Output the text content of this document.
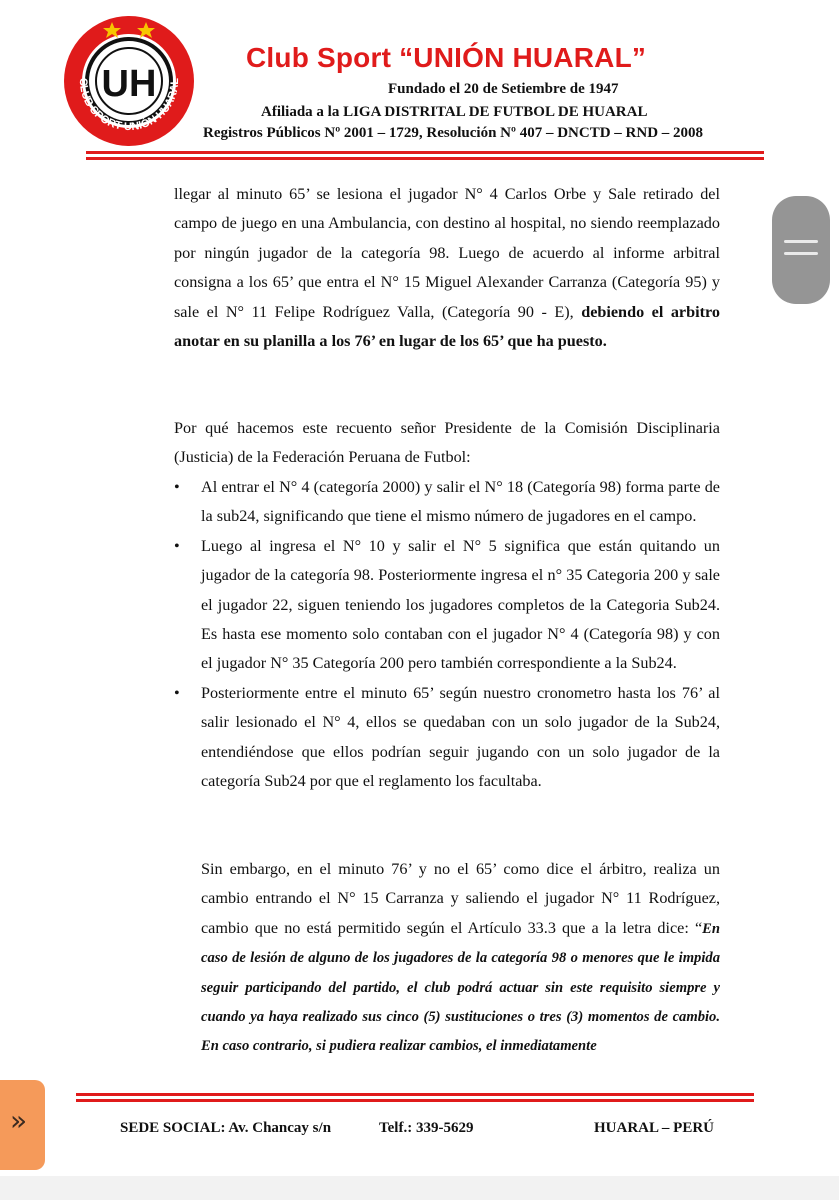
UH
CLUB SPORT UNIÓN HUARAL
Club Sport “UNIÓN HUARAL”
Fundado el 20 de Setiembre de 1947
Afiliada a la LIGA DISTRITAL DE FUTBOL DE HUARAL
Registros Públicos Nº 2001 – 1729, Resolución Nº 407 – DNCTD – RND – 2008

llegar al minuto 65’ se lesiona el jugador N° 4 Carlos Orbe y Sale retirado del campo de juego en una Ambulancia, con destino al hospital, no siendo reemplazado por ningún jugador de la categoría 98. Luego de acuerdo al informe arbitral consigna a los 65’ que entra el N° 15 Miguel Alexander Carranza (Categoría 95) y sale el N° 11 Felipe Rodríguez Valla, (Categoría 90 - E), debiendo el arbitro anotar en su planilla a los 76’ en lugar de los 65’ que ha puesto.

Por qué hacemos este recuento señor Presidente de la Comisión Disciplinaria (Justicia) de la Federación Peruana de Futbol:

• Al entrar el N° 4 (categoría 2000) y salir el N° 18 (Categoría 98) forma parte de la sub24, significando que tiene el mismo número de jugadores en el campo.

• Luego al ingresa el N° 10 y salir el N° 5 significa que están quitando un jugador de la categoría 98. Posteriormente ingresa el n° 35 Categoria 200 y sale el jugador 22, siguen teniendo los jugadores completos de la Categoria Sub24. Es hasta ese momento solo contaban con el jugador N° 4 (Categoría 98) y con el jugador N° 35 Categoría 200 pero también correspondiente a la Sub24.

• Posteriormente entre el minuto 65’ según nuestro cronometro hasta los 76’ al salir lesionado el N° 4, ellos se quedaban con un solo jugador de la Sub24, entendiéndose que ellos podrían seguir jugando con un solo jugador de la categoría Sub24 por que el reglamento los facultaba.

Sin embargo, en el minuto 76’ y no el 65’ como dice el árbitro, realiza un cambio entrando el N° 15 Carranza y saliendo el jugador N° 11 Rodríguez, cambio que no está permitido según el Artículo 33.3 que a la letra dice: “En caso de lesión de alguno de los jugadores de la categoría 98 o menores que le impida seguir participando del partido, el club podrá actuar sin este requisito siempre y cuando ya haya realizado sus cinco (5) sustituciones o tres (3) momentos de cambio. En caso contrario, si pudiera realizar cambios, el inmediatamente
SEDE SOCIAL: Av. Chancay s/n	Telf.: 339-5629	HUARAL – PERÚ
»
